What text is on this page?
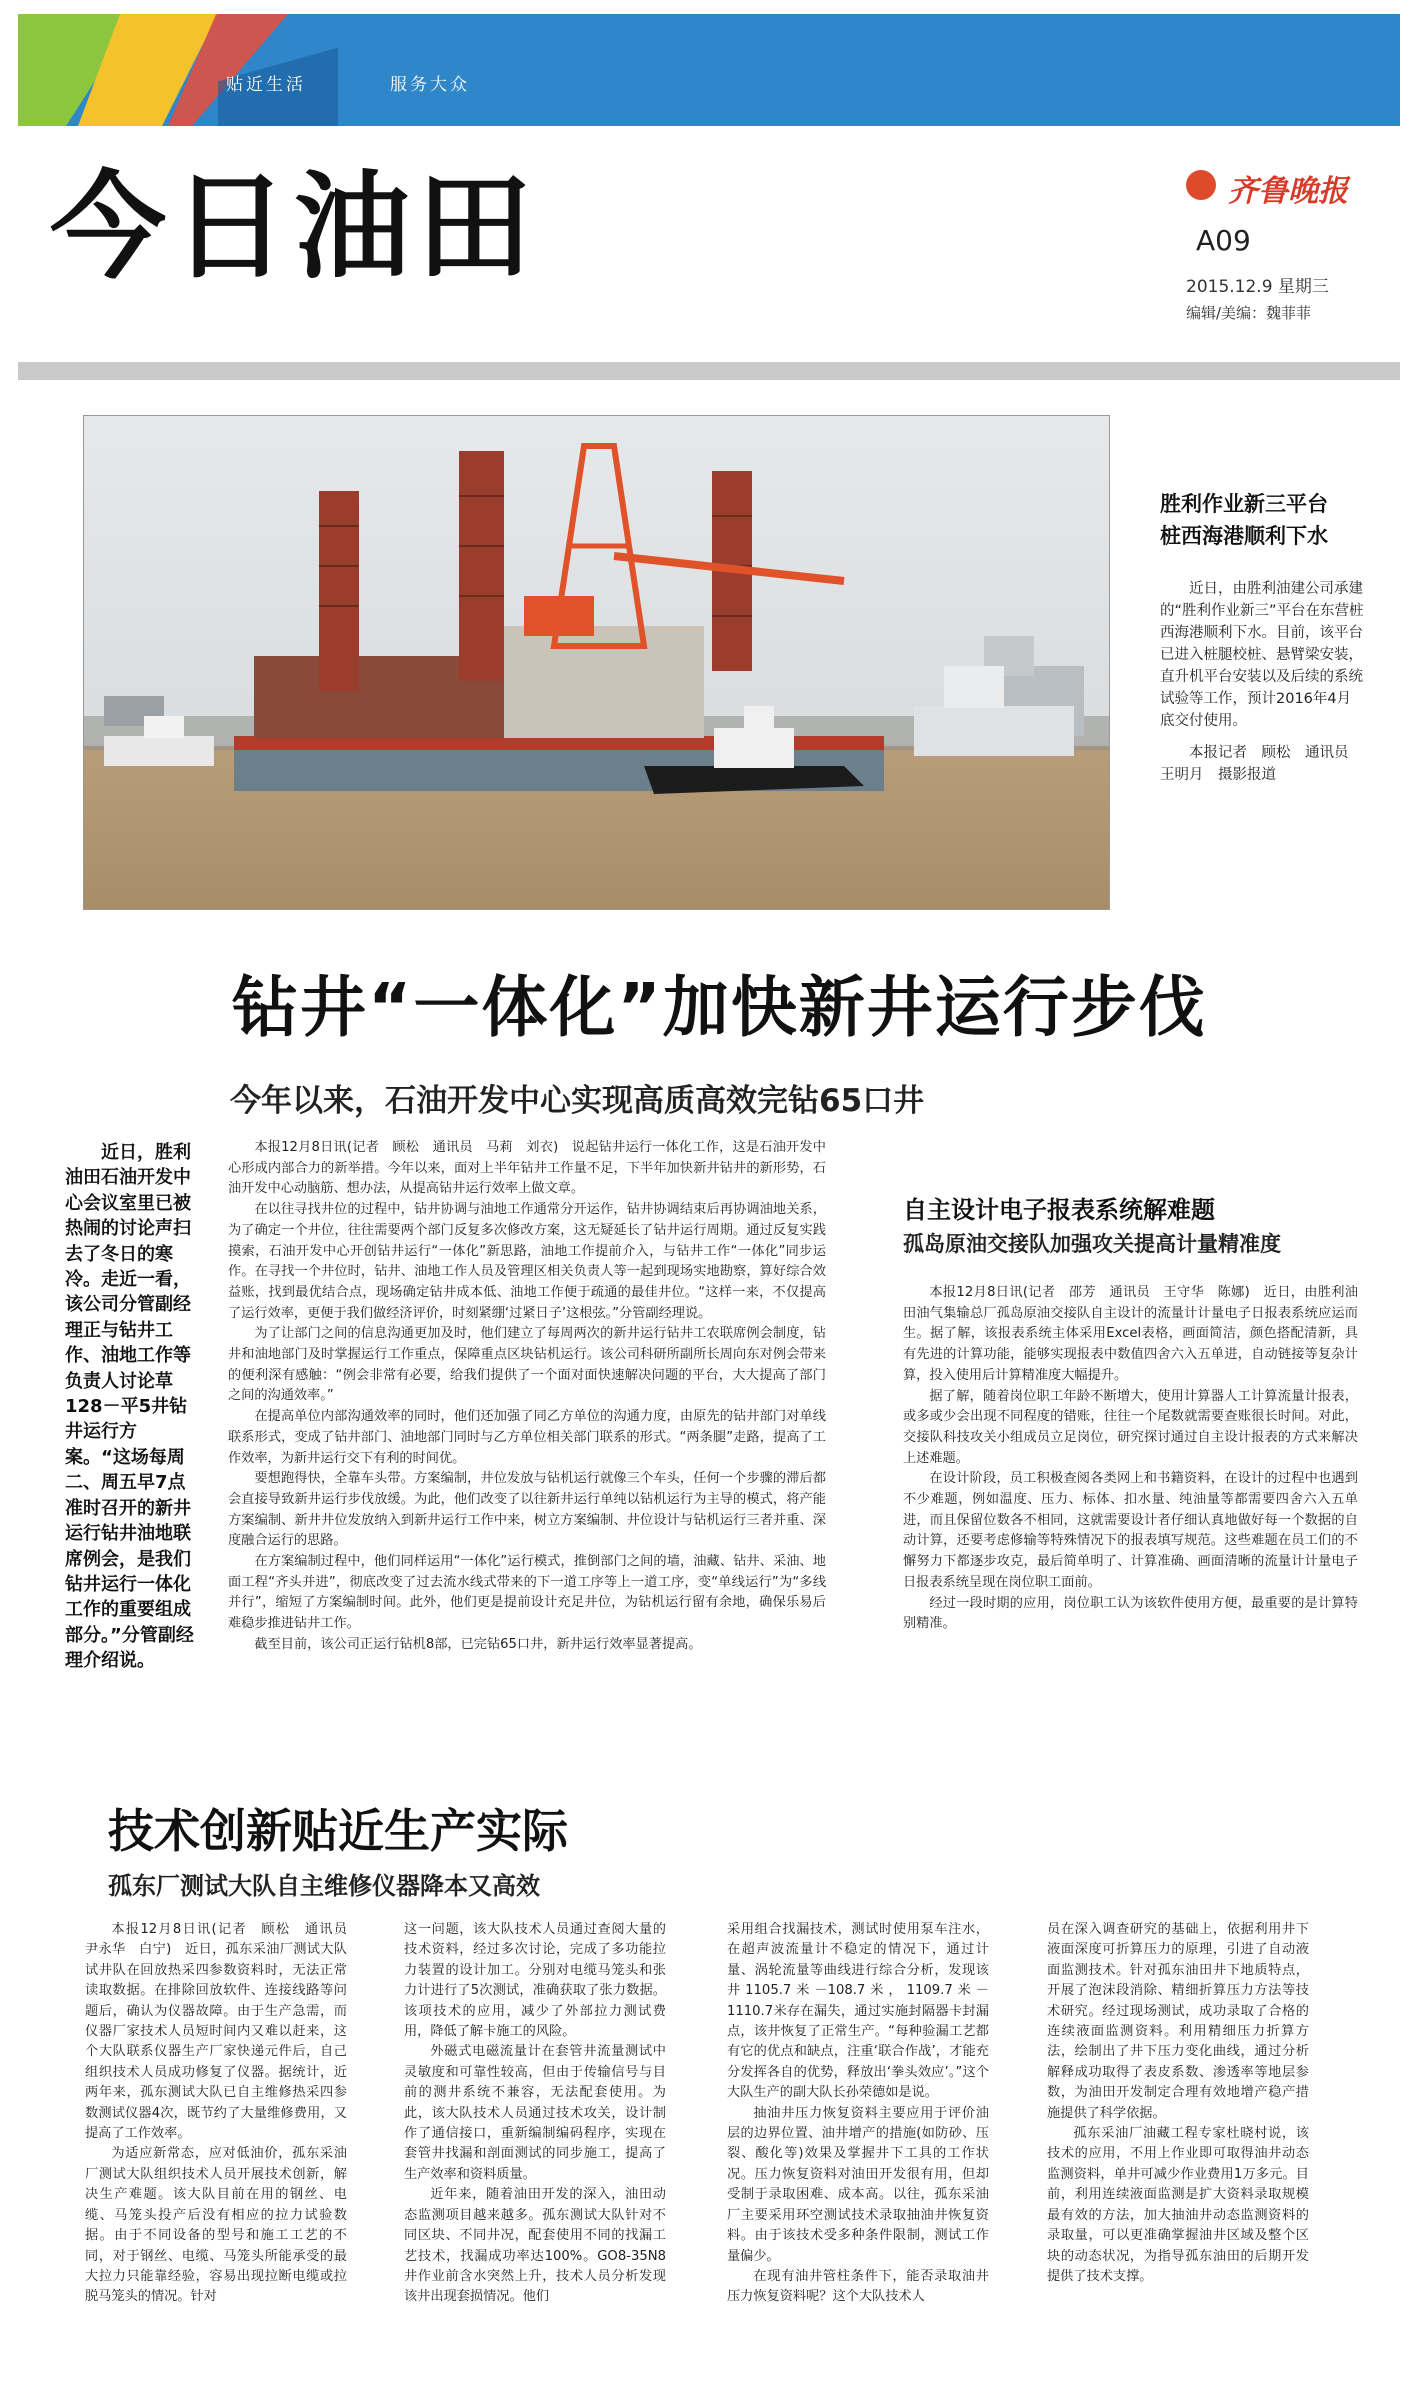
贴近生活	服务大众
今日油田	齐鲁晚报
A09
2015.12.9 星期三
编辑/美编：魏菲菲
胜利作业新三平台
桩西海港顺利下水

近日，由胜利油建公司承建的“胜利作业新三”平台在东营桩西海港顺利下水。目前，该平台已进入桩腿校桩、悬臂梁安装，直升机平台安装以及后续的系统试验等工作，预计2016年4月底交付使用。

本报记者　顾松　通讯员　王明月　摄影报道

钻井“一体化”加快新井运行步伐
今年以来，石油开发中心实现高质高效完钻65口井

近日，胜利油田石油开发中心会议室里已被热闹的讨论声扫去了冬日的寒冷。走近一看，该公司分管副经理正与钻井工作、油地工作等负责人讨论草128－平5井钻井运行方案。“这场每周二、周五早7点准时召开的新井运行钻井油地联席例会，是我们钻井运行一体化工作的重要组成部分。”分管副经理介绍说。

本报12月8日讯(记者　顾松　通讯员　马莉　刘衣)　说起钻井运行一体化工作，这是石油开发中心形成内部合力的新举措。今年以来，面对上半年钻井工作量不足，下半年加快新井钻井的新形势，石油开发中心动脑筋、想办法，从提高钻井运行效率上做文章。

在以往寻找井位的过程中，钻井协调与油地工作通常分开运作，钻井协调结束后再协调油地关系，为了确定一个井位，往往需要两个部门反复多次修改方案，这无疑延长了钻井运行周期。通过反复实践摸索，石油开发中心开创钻井运行“一体化”新思路，油地工作提前介入，与钻井工作“一体化”同步运作。在寻找一个井位时，钻井、油地工作人员及管理区相关负责人等一起到现场实地勘察，算好综合效益账，找到最优结合点，现场确定钻井成本低、油地工作便于疏通的最佳井位。“这样一来，不仅提高了运行效率，更便于我们做经济评价，时刻紧绷‘过紧日子’这根弦。”分管副经理说。

为了让部门之间的信息沟通更加及时，他们建立了每周两次的新井运行钻井工农联席例会制度，钻井和油地部门及时掌握运行工作重点，保障重点区块钻机运行。该公司科研所副所长周向东对例会带来的便利深有感触：“例会非常有必要，给我们提供了一个面对面快速解决问题的平台，大大提高了部门之间的沟通效率。”

在提高单位内部沟通效率的同时，他们还加强了同乙方单位的沟通力度，由原先的钻井部门对单线联系形式，变成了钻井部门、油地部门同时与乙方单位相关部门联系的形式。“两条腿”走路，提高了工作效率，为新井运行交下有利的时间优。

要想跑得快，全靠车头带。方案编制，井位发放与钻机运行就像三个车头，任何一个步骤的滞后都会直接导致新井运行步伐放缓。为此，他们改变了以往新井运行单纯以钻机运行为主导的模式，将产能方案编制、新井井位发放纳入到新井运行工作中来，树立方案编制、井位设计与钻机运行三者并重、深度融合运行的思路。

在方案编制过程中，他们同样运用“一体化”运行模式，推倒部门之间的墙，油藏、钻井、采油、地面工程“齐头并进”，彻底改变了过去流水线式带来的下一道工序等上一道工序，变“单线运行”为“多线并行”，缩短了方案编制时间。此外，他们更是提前设计充足井位，为钻机运行留有余地，确保乐易后难稳步推进钻井工作。

截至目前，该公司正运行钻机8部，已完钻65口井，新井运行效率显著提高。

自主设计电子报表系统解难题
孤岛原油交接队加强攻关提高计量精准度

本报12月8日讯(记者　邵芳　通讯员　王守华　陈娜)　近日，由胜利油田油气集输总厂孤岛原油交接队自主设计的流量计计量电子日报表系统应运而生。据了解，该报表系统主体采用Excel表格，画面简洁，颜色搭配清新，具有先进的计算功能，能够实现报表中数值四舍六入五单进，自动链接等复杂计算，投入使用后计算精准度大幅提升。

据了解，随着岗位职工年龄不断增大，使用计算器人工计算流量计报表，或多或少会出现不同程度的错账，往往一个尾数就需要查账很长时间。对此，交接队科技攻关小组成员立足岗位，研究探讨通过自主设计报表的方式来解决上述难题。

在设计阶段，员工积极查阅各类网上和书籍资料，在设计的过程中也遇到不少难题，例如温度、压力、标体、扣水量、纯油量等都需要四舍六入五单进，而且保留位数各不相同，这就需要设计者仔细认真地做好每一个数据的自动计算，还要考虑修输等特殊情况下的报表填写规范。这些难题在员工们的不懈努力下都逐步攻克，最后简单明了、计算准确、画面清晰的流量计计量电子日报表系统呈现在岗位职工面前。

经过一段时期的应用，岗位职工认为该软件使用方便，最重要的是计算特别精准。

技术创新贴近生产实际
孤东厂测试大队自主维修仪器降本又高效

本报12月8日讯(记者　顾松　通讯员　尹永华　白宁)　近日，孤东采油厂测试大队试井队在回放热采四参数资料时，无法正常读取数据。在排除回放软件、连接线路等问题后，确认为仪器故障。由于生产急需，而仪器厂家技术人员短时间内又难以赶来，这个大队联系仪器生产厂家快递元件后，自己组织技术人员成功修复了仪器。据统计，近两年来，孤东测试大队已自主维修热采四参数测试仪器4次，既节约了大量维修费用，又提高了工作效率。

为适应新常态，应对低油价，孤东采油厂测试大队组织技术人员开展技术创新，解决生产难题。该大队目前在用的钢丝、电缆、马笼头投产后没有相应的拉力试验数据。由于不同设备的型号和施工工艺的不同，对于钢丝、电缆、马笼头所能承受的最大拉力只能靠经验，容易出现拉断电缆或拉脱马笼头的情况。针对

这一问题，该大队技术人员通过查阅大量的技术资料，经过多次讨论，完成了多功能拉力装置的设计加工。分别对电缆马笼头和张力计进行了5次测试，准确获取了张力数据。该项技术的应用，减少了外部拉力测试费用，降低了解卡施工的风险。

外磁式电磁流量计在套管井流量测试中灵敏度和可靠性较高，但由于传输信号与目前的测井系统不兼容，无法配套使用。为此，该大队技术人员通过技术攻关，设计制作了通信接口，重新编制编码程序，实现在套管井找漏和剖面测试的同步施工，提高了生产效率和资料质量。

近年来，随着油田开发的深入，油田动态监测项目越来越多。孤东测试大队针对不同区块、不同井况，配套使用不同的找漏工艺技术，找漏成功率达100%。GO8-35N8井作业前含水突然上升，技术人员分析发现该井出现套损情况。他们

采用组合找漏技术，测试时使用泵车注水，在超声波流量计不稳定的情况下，通过计量、涡轮流量等曲线进行综合分析，发现该井1105.7米－108.7米，1109.7米－1110.7米存在漏失，通过实施封隔器卡封漏点，该井恢复了正常生产。“每种验漏工艺都有它的优点和缺点，注重‘联合作战’，才能充分发挥各自的优势，释放出‘拳头效应’。”这个大队生产的副大队长孙荣德如是说。

抽油井压力恢复资料主要应用于评价油层的边界位置、油井增产的措施(如防砂、压裂、酸化等)效果及掌握井下工具的工作状况。压力恢复资料对油田开发很有用，但却受制于录取困难、成本高。以往，孤东采油厂主要采用环空测试技术录取抽油井恢复资料。由于该技术受多种条件限制，测试工作量偏少。

在现有油井管柱条件下，能否录取油井压力恢复资料呢？这个大队技术人

员在深入调查研究的基础上，依据利用井下液面深度可折算压力的原理，引进了自动液面监测技术。针对孤东油田井下地质特点，开展了泡沫段消除、精细折算压力方法等技术研究。经过现场测试，成功录取了合格的连续液面监测资料。利用精细压力折算方法，绘制出了井下压力变化曲线，通过分析解释成功取得了表皮系数、渗透率等地层参数，为油田开发制定合理有效地增产稳产措施提供了科学依据。

孤东采油厂油藏工程专家杜晓村说，该技术的应用，不用上作业即可取得油井动态监测资料，单井可减少作业费用1万多元。目前，利用连续液面监测是扩大资料录取规模最有效的方法，加大抽油井动态监测资料的录取量，可以更准确掌握油井区域及整个区块的动态状况，为指导孤东油田的后期开发提供了技术支撑。
